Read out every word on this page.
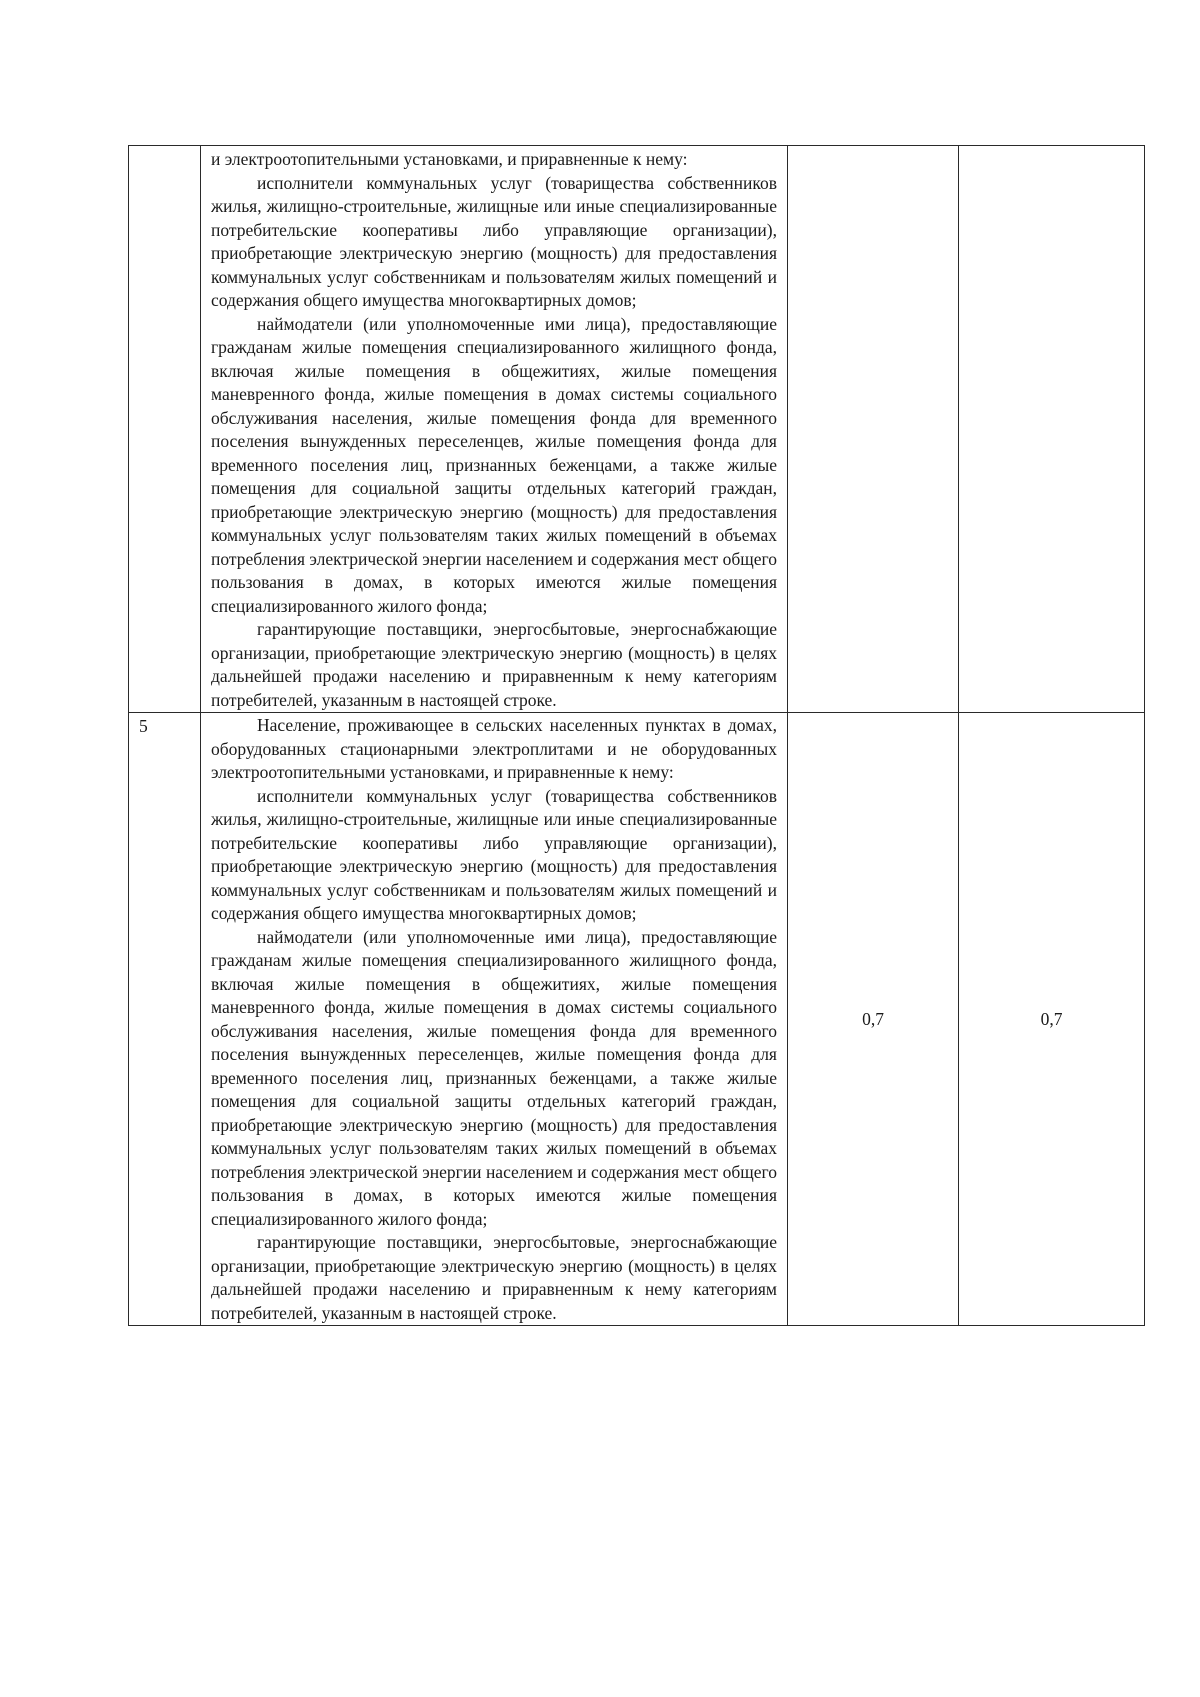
	и электроотопительными установками, и приравненные к нему:

исполнители коммунальных услуг (товарищества собственников жилья, жилищно-строительные, жилищные или иные специализированные потребительские кооперативы либо управляющие организации), приобретающие электрическую энергию (мощность) для предоставления коммунальных услуг собственникам и пользователям жилых помещений и содержания общего имущества многоквартирных домов;

наймодатели (или уполномоченные ими лица), предоставляющие гражданам жилые помещения специализированного жилищного фонда, включая жилые помещения в общежитиях, жилые помещения маневренного фонда, жилые помещения в домах системы социального обслуживания населения, жилые помещения фонда для временного поселения вынужденных переселенцев, жилые помещения фонда для временного поселения лиц, признанных беженцами, а также жилые помещения для социальной защиты отдельных категорий граждан, приобретающие электрическую энергию (мощность) для предоставления коммунальных услуг пользователям таких жилых помещений в объемах потребления электрической энергии населением и содержания мест общего пользования в домах, в которых имеются жилые помещения специализированного жилого фонда;

гарантирующие поставщики, энергосбытовые, энергоснабжающие организации, приобретающие электрическую энергию (мощность) в целях дальнейшей продажи населению и приравненным к нему категориям потребителей, указанным в настоящей строке.		

5	Население, проживающее в сельских населенных пунктах в домах, оборудованных стационарными электроплитами и не оборудованных электроотопительными установками, и приравненные к нему:

исполнители коммунальных услуг (товарищества собственников жилья, жилищно-строительные, жилищные или иные специализированные потребительские кооперативы либо управляющие организации), приобретающие электрическую энергию (мощность) для предоставления коммунальных услуг собственникам и пользователям жилых помещений и содержания общего имущества многоквартирных домов;

наймодатели (или уполномоченные ими лица), предоставляющие гражданам жилые помещения специализированного жилищного фонда, включая жилые помещения в общежитиях, жилые помещения маневренного фонда, жилые помещения в домах системы социального обслуживания населения, жилые помещения фонда для временного поселения вынужденных переселенцев, жилые помещения фонда для временного поселения лиц, признанных беженцами, а также жилые помещения для социальной защиты отдельных категорий граждан, приобретающие электрическую энергию (мощность) для предоставления коммунальных услуг пользователям таких жилых помещений в объемах потребления электрической энергии населением и содержания мест общего пользования в домах, в которых имеются жилые помещения специализированного жилого фонда;

гарантирующие поставщики, энергосбытовые, энергоснабжающие организации, приобретающие электрическую энергию (мощность) в целях дальнейшей продажи населению и приравненным к нему категориям потребителей, указанным в настоящей строке.	0,7	0,7
